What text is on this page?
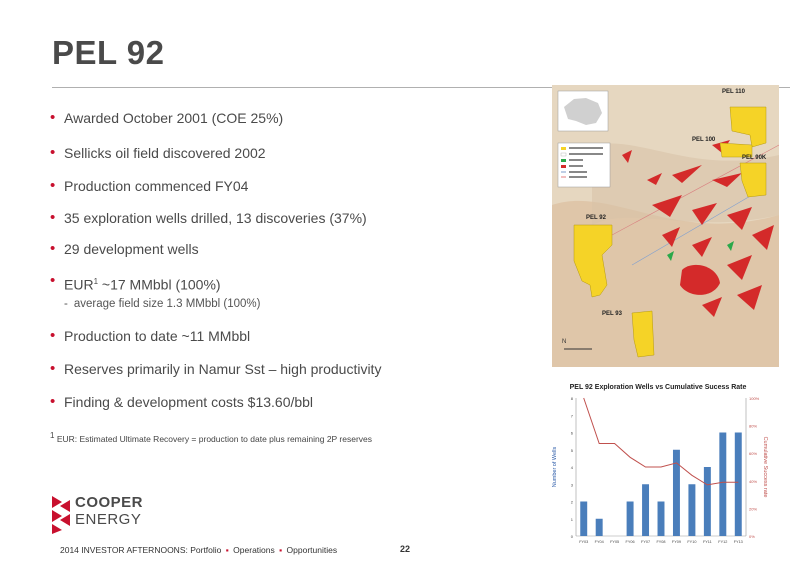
PEL 92
• Awarded October 2001 (COE 25%)
• Sellicks oil field discovered 2002
• Production commenced FY04
• 35 exploration wells drilled, 13 discoveries (37%)
• 29 development wells
• EUR$^1$ ~17 MMbbl (100%)
- average field size 1.3 MMbbl (100%)
• Production to date ~11 MMbbl
• Reserves primarily in Namur Sst – high productivity
• Finding & development costs $13.60/bbl
$^1$ EUR: Estimated Ultimate Recovery = production to date plus remaining 2P reserves
N
PEL 110
PEL 100
PEL 90K
PEL 92
PEL 93
PEL 92 Exploration Wells vs Cumulative Sucess Rate
0
1
2
3
4
5
6
7
8
0%
20%
40%
60%
80%
100%
FY03 FY04 FY05 FY06 FY07 FY08 FY09 FY10 FY11 FY12 FY13
Number of Wells	Cumulative Success rate
COOPER
ENERGY
2014 INVESTOR AFTERNOONS: Portfolio ▪ Operations ▪ Opportunities	22
